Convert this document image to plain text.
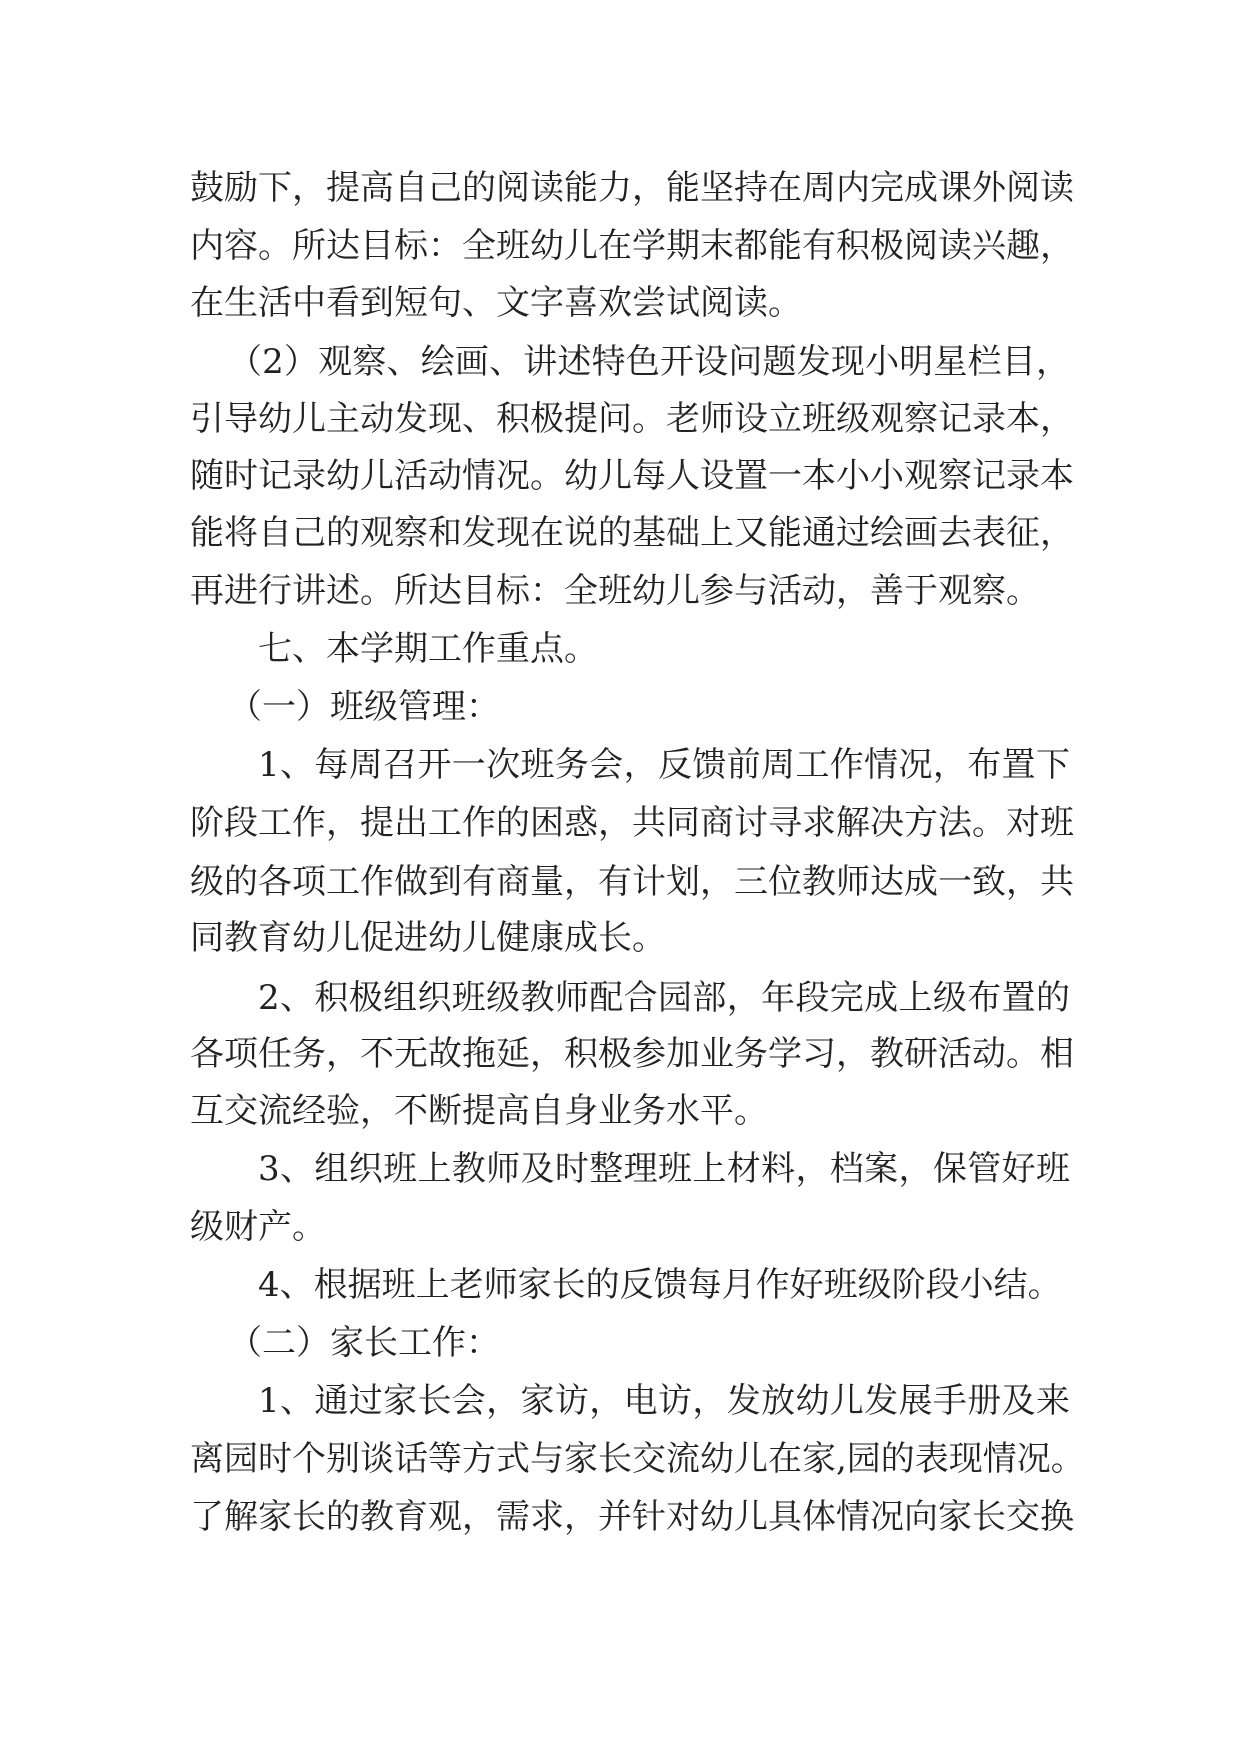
鼓励下，提高自己的阅读能力，能坚持在周内完成课外阅读
内容。所达目标：全班幼儿在学期末都能有积极阅读兴趣，
在生活中看到短句、文字喜欢尝试阅读。
（2）观察、绘画、讲述特色开设问题发现小明星栏目，
引导幼儿主动发现、积极提问。老师设立班级观察记录本，
随时记录幼儿活动情况。幼儿每人设置一本小小观察记录本
能将自己的观察和发现在说的基础上又能通过绘画去表征，
再进行讲述。所达目标：全班幼儿参与活动，善于观察。
七、本学期工作重点。
（一）班级管理：
1、每周召开一次班务会，反馈前周工作情况，布置下
阶段工作，提出工作的困惑，共同商讨寻求解决方法。对班
级的各项工作做到有商量，有计划，三位教师达成一致，共
同教育幼儿促进幼儿健康成长。
2、积极组织班级教师配合园部，年段完成上级布置的
各项任务，不无故拖延，积极参加业务学习，教研活动。相
互交流经验，不断提高自身业务水平。
3、组织班上教师及时整理班上材料，档案，保管好班
级财产。
4、根据班上老师家长的反馈每月作好班级阶段小结。
（二）家长工作：
1、通过家长会，家访，电访，发放幼儿发展手册及来
离园时个别谈话等方式与家长交流幼儿在家,园的表现情况。
了解家长的教育观，需求，并针对幼儿具体情况向家长交换
